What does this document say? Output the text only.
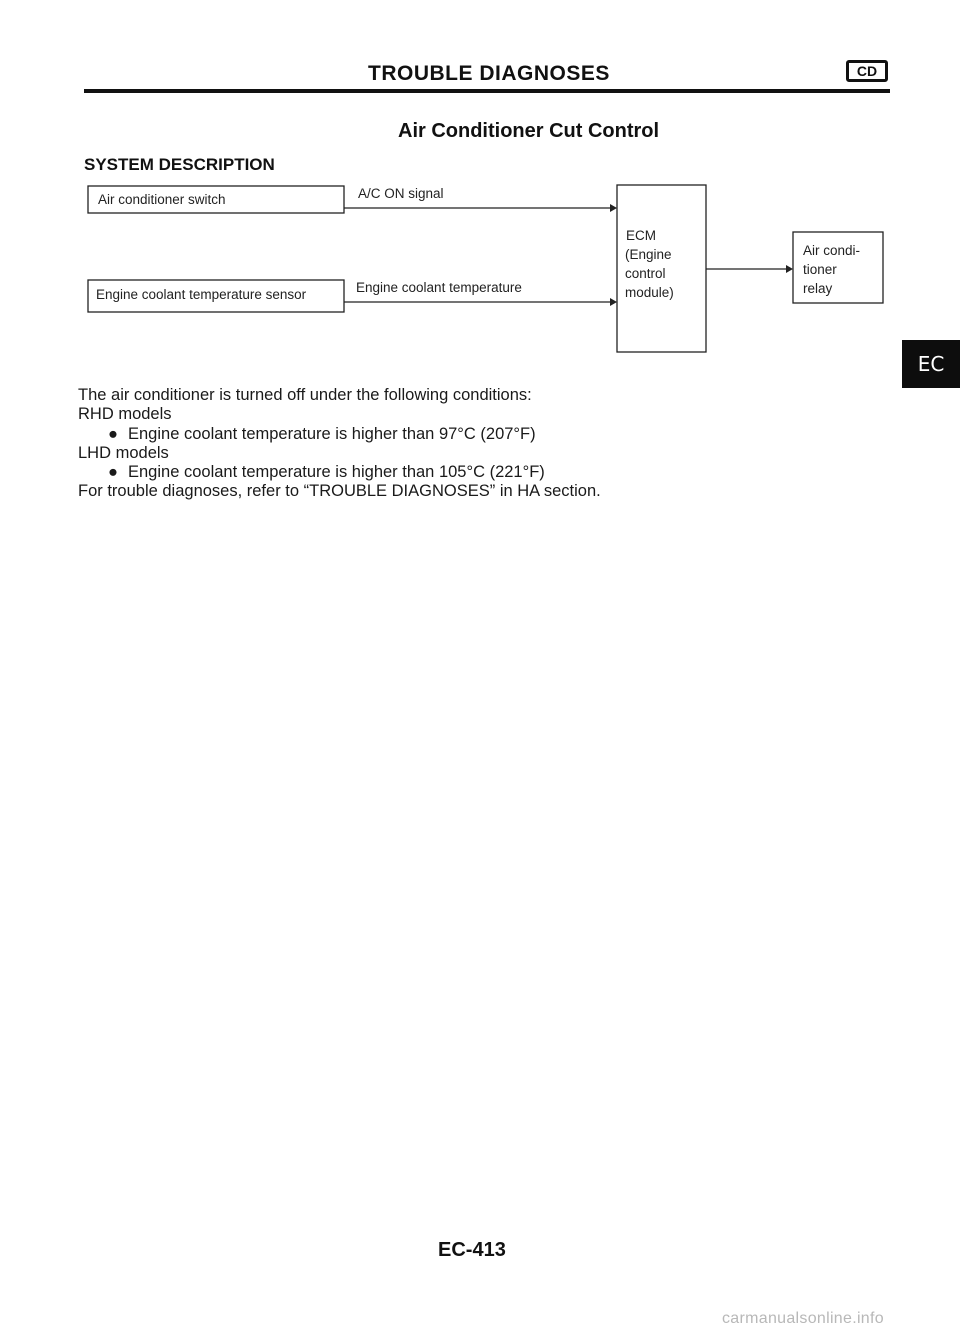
TROUBLE DIAGNOSES	CD
Air Conditioner Cut Control
SYSTEM DESCRIPTION
Air conditioner switch
Engine coolant temperature sensor
A/C ON signal
Engine coolant temperature
ECM
(Engine
control
module)
Air condi-
tioner
relay
EC
The air conditioner is turned off under the following conditions:
RHD models
● Engine coolant temperature is higher than 97°C (207°F)
LHD models
● Engine coolant temperature is higher than 105°C (221°F)
For trouble diagnoses, refer to “TROUBLE DIAGNOSES” in HA section.
EC-413
carmanualsonline.info
